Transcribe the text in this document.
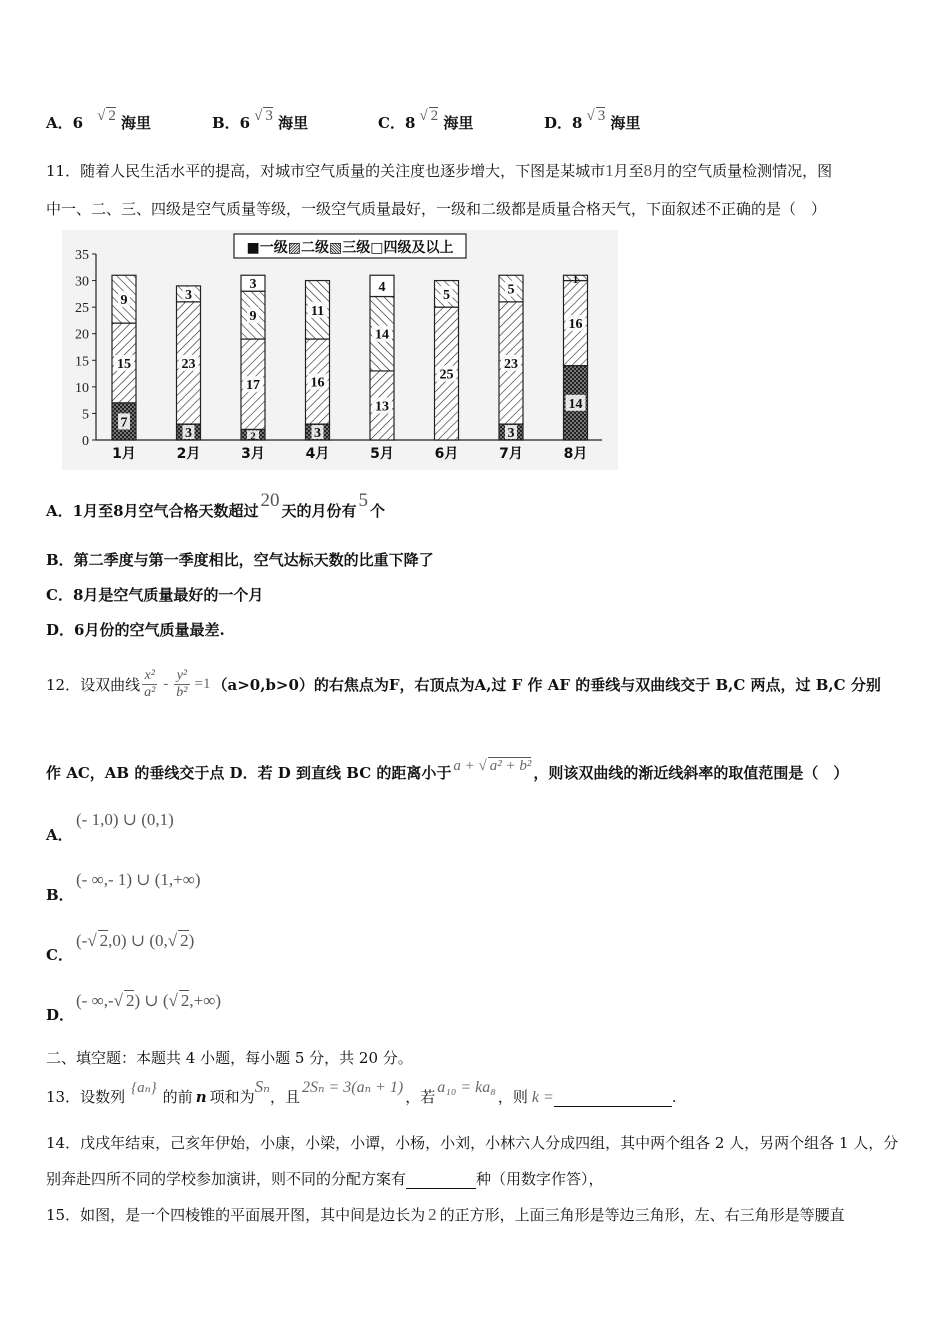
A．6 √ 2 海里	B．6 √ 3 海里	C．8 √ 2 海里	D．8 √ 3 海里
11．随着人民生活水平的提高，对城市空气质量的关注度也逐步增大，下图是某城市1月至8月的空气质量检测情况，图
中一、二、三、四级是空气质量等级，一级空气质量最好，一级和二级都是质量合格天气，下面叙述不正确的是（　）
0
5
10
15
20
25
30
35
7
15
9
1月
3
23
3
2月
2
17
9
3
3月
3
16
11
4月
13
14
4
5月
25
5
6月
3
23
5
7月
14
16
1
8月
■一级▨二级▧三级□四级及以上
A．1月至8月空气合格天数超过 20 天的月份有 5 个
B．第二季度与第一季度相比，空气达标天数的比重下降了
C．8月是空气质量最好的一个月
D．6月份的空气质量最差.
12．设双曲线 $\frac{\text{x²}}{\text{a²}} - \frac{\text{y²}}{\text{b²}} =1$ （a>0,b>0）的右焦点为F，右顶点为A,过 F 作 AF 的垂线与双曲线交于 B,C 两点，过 B,C 分别
作 AC，AB 的垂线交于点 D．若 D 到直线 BC 的距离小于 a + √ a² + b² ，则该双曲线的渐近线斜率的取值范围是（　）
A．
(- 1,0) ∪ (0,1)
B．
(- ∞,- 1) ∪ (1,+∞)
C．
(-√ 2,0) ∪ (0,√ 2)
D．
(- ∞,-√ 2) ∪ (√ 2,+∞)
二、填空题：本题共 4 小题，每小题 5 分，共 20 分。
13．设数列 {aₙ} 的前 n 项和为Sₙ，且2Sₙ = 3(aₙ + 1)，若a₁₀ = ka₈，则 k =	.
14．戊戌年结束，己亥年伊始，小康，小梁，小谭，小杨，小刘，小林六人分成四组，其中两个组各 2 人，另两个组各 1 人，分
别奔赴四所不同的学校参加演讲，则不同的分配方案有	种（用数字作答），
15．如图，是一个四棱锥的平面展开图，其中间是边长为 2 的正方形，上面三角形是等边三角形，左、右三角形是等腰直
